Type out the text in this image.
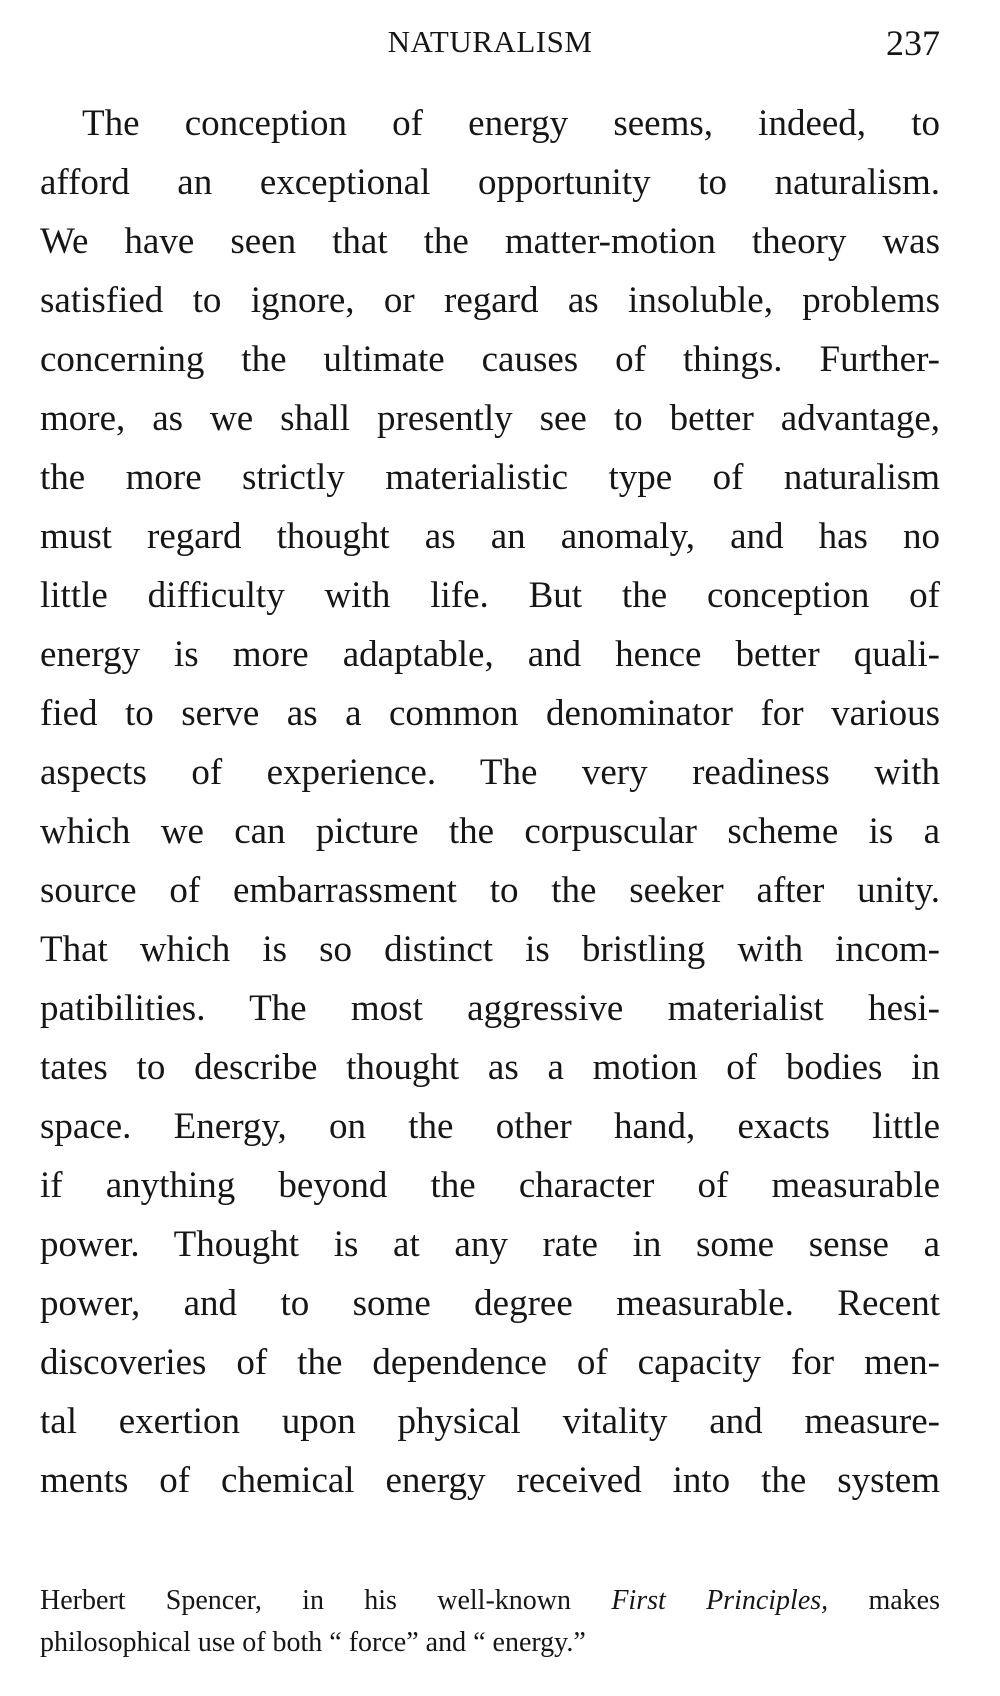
NATURALISM	237
The conception of energy seems, indeed, to
afford an exceptional opportunity to naturalism.
We have seen that the matter-motion theory was
satisfied to ignore, or regard as insoluble, problems
concerning the ultimate causes of things. Further-
more, as we shall presently see to better advantage,
the more strictly materialistic type of naturalism
must regard thought as an anomaly, and has no
little difficulty with life. But the conception of
energy is more adaptable, and hence better quali-
fied to serve as a common denominator for various
aspects of experience. The very readiness with
which we can picture the corpuscular scheme is a
source of embarrassment to the seeker after unity.
That which is so distinct is bristling with incom-
patibilities. The most aggressive materialist hesi-
tates to describe thought as a motion of bodies in
space. Energy, on the other hand, exacts little
if anything beyond the character of measurable
power. Thought is at any rate in some sense a
power, and to some degree measurable. Recent
discoveries of the dependence of capacity for men-
tal exertion upon physical vitality and measure-
ments of chemical energy received into the system
Herbert Spencer, in his well-known First Principles, makes
philosophical use of both “ force” and “ energy.”
